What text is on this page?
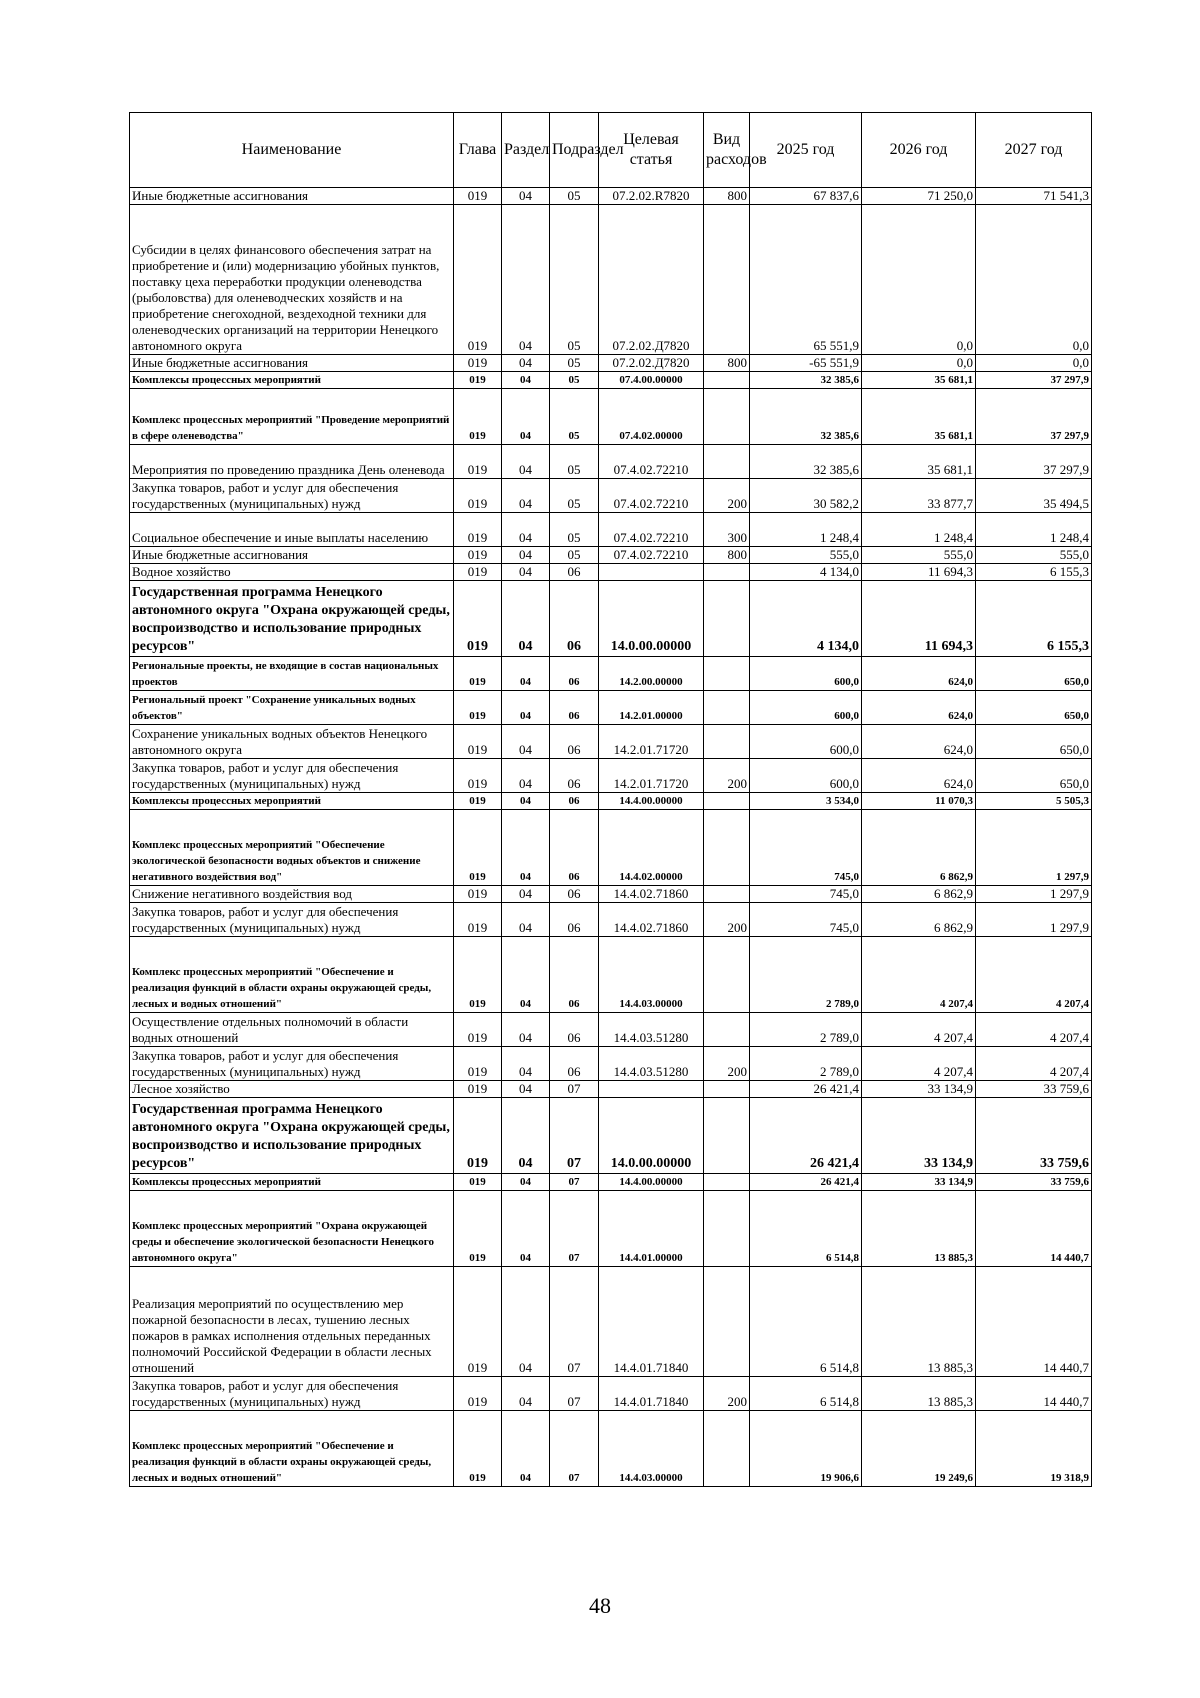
Наименование	Глава	Раздел	Подраздел	Целевая статья	Вид расходов	2025 год	2026 год	2027 год
Иные бюджетные ассигнования	019	04	05	07.2.02.R7820	800	67 837,6	71 250,0	71 541,3
Субсидии в целях финансового обеспечения затрат на приобретение и (или) модернизацию убойных пунктов, поставку цеха переработки продукции оленеводства (рыболовства) для оленеводческих хозяйств и на приобретение снегоходной, вездеходной техники для оленеводческих организаций на территории Ненецкого автономного округа	019	04	05	07.2.02.Д7820		65 551,9	0,0	0,0
Иные бюджетные ассигнования	019	04	05	07.2.02.Д7820	800	-65 551,9	0,0	0,0
Комплексы процессных мероприятий	019	04	05	07.4.00.00000		32 385,6	35 681,1	37 297,9
Комплекс процессных мероприятий "Проведение мероприятий в сфере оленеводства"	019	04	05	07.4.02.00000		32 385,6	35 681,1	37 297,9
Мероприятия по проведению праздника День оленевода	019	04	05	07.4.02.72210		32 385,6	35 681,1	37 297,9
Закупка товаров, работ и услуг для обеспечения государственных (муниципальных) нужд	019	04	05	07.4.02.72210	200	30 582,2	33 877,7	35 494,5
Социальное обеспечение и иные выплаты населению	019	04	05	07.4.02.72210	300	1 248,4	1 248,4	1 248,4
Иные бюджетные ассигнования	019	04	05	07.4.02.72210	800	555,0	555,0	555,0
Водное хозяйство	019	04	06			4 134,0	11 694,3	6 155,3
Государственная программа Ненецкого автономного округа "Охрана окружающей среды, воспроизводство и использование природных ресурсов"	019	04	06	14.0.00.00000		4 134,0	11 694,3	6 155,3
Региональные проекты, не входящие в состав национальных проектов	019	04	06	14.2.00.00000		600,0	624,0	650,0
Региональный проект "Сохранение уникальных водных объектов"	019	04	06	14.2.01.00000		600,0	624,0	650,0
Сохранение уникальных водных объектов Ненецкого автономного округа	019	04	06	14.2.01.71720		600,0	624,0	650,0
Закупка товаров, работ и услуг для обеспечения государственных (муниципальных) нужд	019	04	06	14.2.01.71720	200	600,0	624,0	650,0
Комплексы процессных мероприятий	019	04	06	14.4.00.00000		3 534,0	11 070,3	5 505,3
Комплекс процессных мероприятий "Обеспечение экологической безопасности водных объектов и снижение негативного воздействия вод"	019	04	06	14.4.02.00000		745,0	6 862,9	1 297,9
Снижение негативного воздействия вод	019	04	06	14.4.02.71860		745,0	6 862,9	1 297,9
Закупка товаров, работ и услуг для обеспечения государственных (муниципальных) нужд	019	04	06	14.4.02.71860	200	745,0	6 862,9	1 297,9
Комплекс процессных мероприятий "Обеспечение и реализация функций в области охраны окружающей среды, лесных и водных отношений"	019	04	06	14.4.03.00000		2 789,0	4 207,4	4 207,4
Осуществление отдельных полномочий в области водных отношений	019	04	06	14.4.03.51280		2 789,0	4 207,4	4 207,4
Закупка товаров, работ и услуг для обеспечения государственных (муниципальных) нужд	019	04	06	14.4.03.51280	200	2 789,0	4 207,4	4 207,4
Лесное хозяйство	019	04	07			26 421,4	33 134,9	33 759,6
Государственная программа Ненецкого автономного округа "Охрана окружающей среды, воспроизводство и использование природных ресурсов"	019	04	07	14.0.00.00000		26 421,4	33 134,9	33 759,6
Комплексы процессных мероприятий	019	04	07	14.4.00.00000		26 421,4	33 134,9	33 759,6
Комплекс процессных мероприятий "Охрана окружающей среды и обеспечение экологической безопасности Ненецкого автономного округа"	019	04	07	14.4.01.00000		6 514,8	13 885,3	14 440,7
Реализация мероприятий по осуществлению мер пожарной безопасности в лесах, тушению лесных пожаров в рамках исполнения отдельных переданных полномочий Российской Федерации в области лесных отношений	019	04	07	14.4.01.71840		6 514,8	13 885,3	14 440,7
Закупка товаров, работ и услуг для обеспечения государственных (муниципальных) нужд	019	04	07	14.4.01.71840	200	6 514,8	13 885,3	14 440,7
Комплекс процессных мероприятий "Обеспечение и реализация функций в области охраны окружающей среды, лесных и водных отношений"	019	04	07	14.4.03.00000		19 906,6	19 249,6	19 318,9
48
